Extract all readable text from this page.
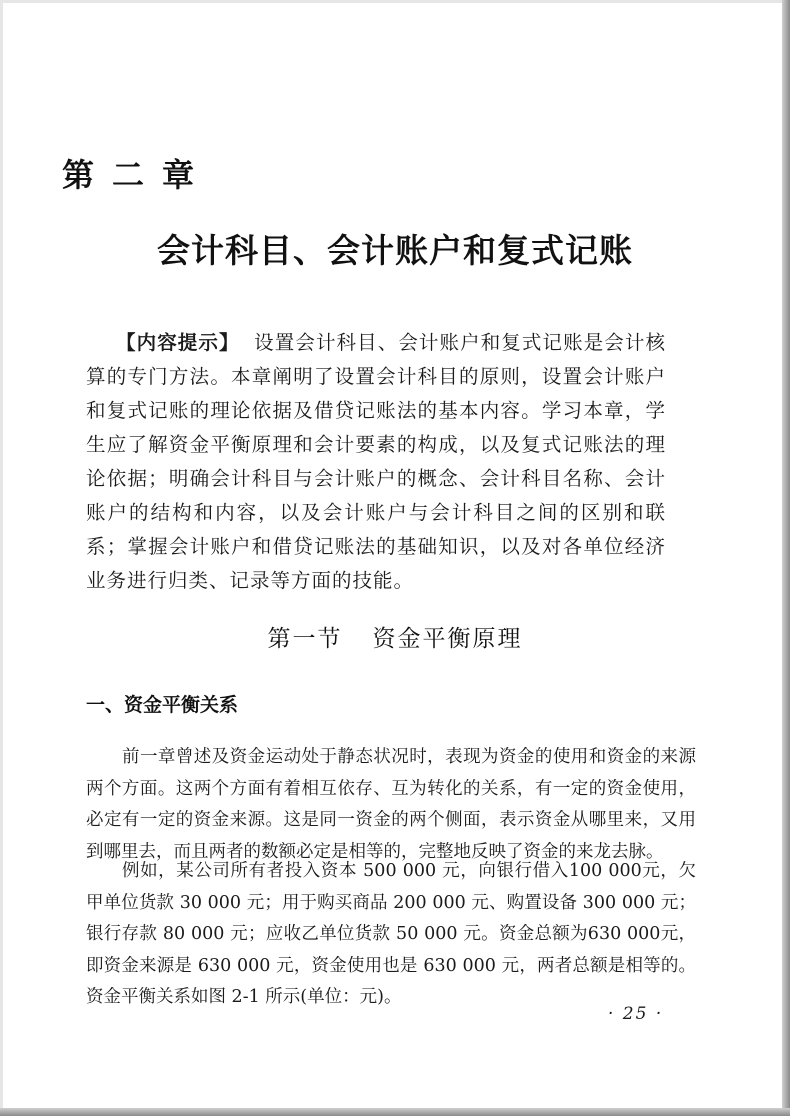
第二章
会计科目、会计账户和复式记账
【内容提示】 设置会计科目、会计账户和复式记账是会计核算的专门方法。本章阐明了设置会计科目的原则，设置会计账户和复式记账的理论依据及借贷记账法的基本内容。学习本章，学生应了解资金平衡原理和会计要素的构成，以及复式记账法的理论依据；明确会计科目与会计账户的概念、会计科目名称、会计账户的结构和内容，以及会计账户与会计科目之间的区别和联系；掌握会计账户和借贷记账法的基础知识，以及对各单位经济业务进行归类、记录等方面的技能。
第一节 资金平衡原理
一、资金平衡关系
前一章曾述及资金运动处于静态状况时，表现为资金的使用和资金的来源两个方面。这两个方面有着相互依存、互为转化的关系，有一定的资金使用，必定有一定的资金来源。这是同一资金的两个侧面，表示资金从哪里来，又用到哪里去，而且两者的数额必定是相等的，完整地反映了资金的来龙去脉。
例如，某公司所有者投入资本 500 000 元，向银行借入100 000元，欠甲单位货款 30 000 元；用于购买商品 200 000 元、购置设备 300 000 元；银行存款 80 000 元；应收乙单位货款 50 000 元。资金总额为630 000元，即资金来源是 630 000 元，资金使用也是 630 000 元，两者总额是相等的。资金平衡关系如图 2-1 所示(单位：元)。
· 25 ·
